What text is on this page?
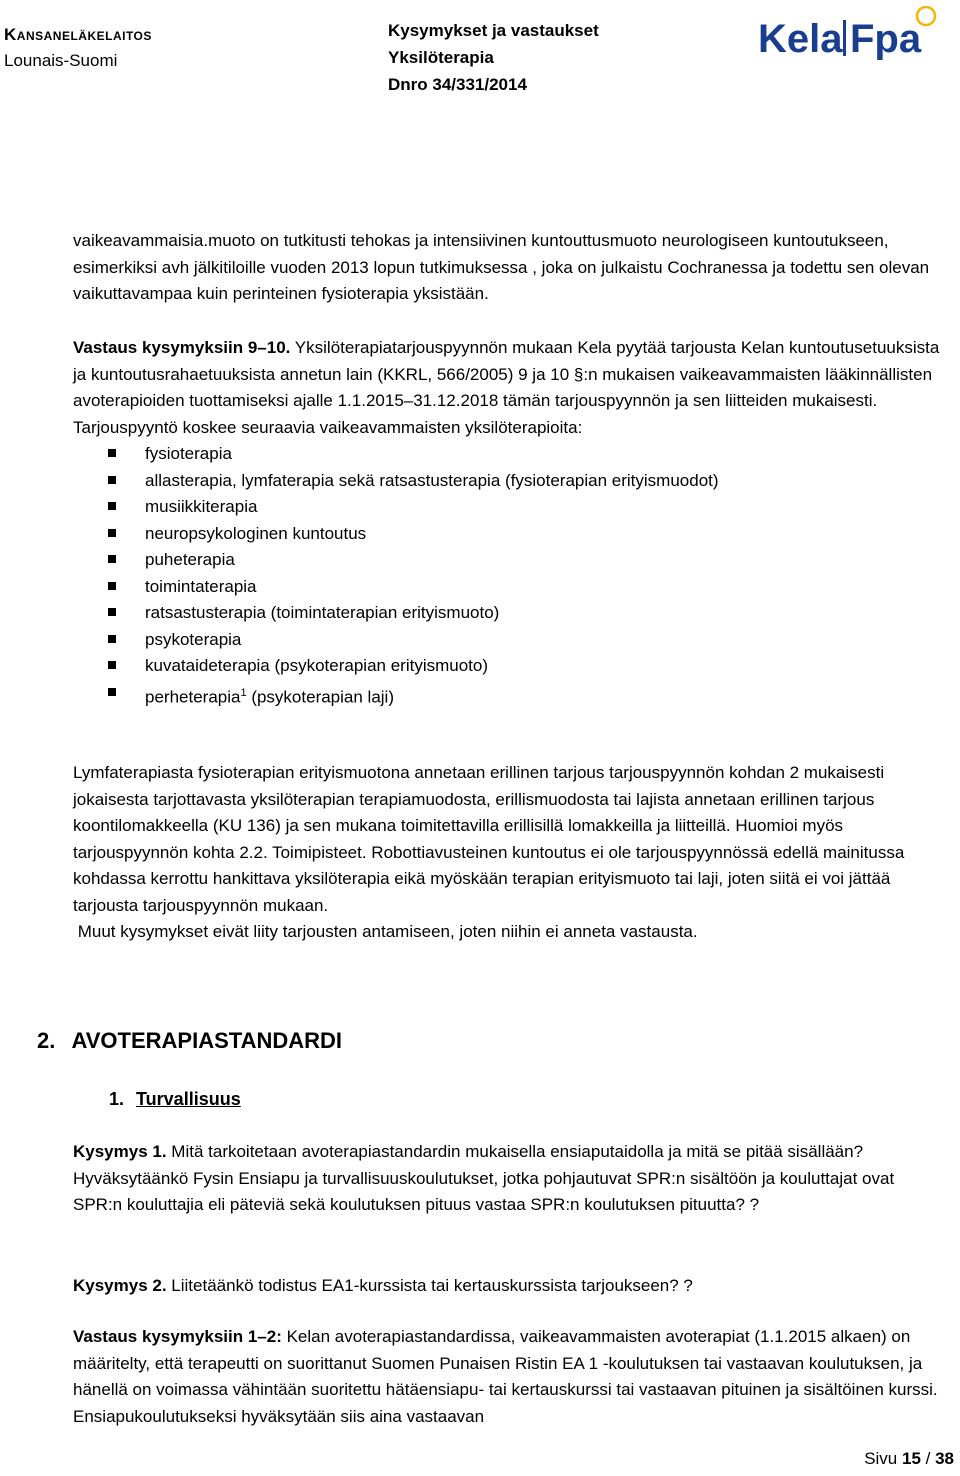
Kansaneläkelaitos
Lounais-Suomi
Kysymykset ja vastaukset
Yksilöterapia
Dnro 34/331/2014
Kela Fpa

vaikeavammaisia.muoto on tutkitusti tehokas ja intensiivinen kuntouttusmuoto neurologiseen kuntoutukseen, esimerkiksi avh jälkitiloille vuoden 2013 lopun tutkimuksessa , joka on julkaistu Cochranessa ja todettu sen olevan vaikuttavampaa kuin perinteinen fysioterapia yksistään.

Vastaus kysymyksiin 9–10. Yksilöterapiatarjouspyynnön mukaan Kela pyytää tarjousta Kelan kuntoutusetuuksista ja kuntoutusrahaetuuksista annetun lain (KKRL, 566/2005) 9 ja 10 §:n mukaisen vaikeavammaisten lääkinnällisten avoterapioiden tuottamiseksi ajalle 1.1.2015–31.12.2018 tämän tarjouspyynnön ja sen liitteiden mukaisesti.

Tarjouspyyntö koskee seuraavia vaikeavammaisten yksilöterapioita:

fysioterapia
allasterapia, lymfaterapia sekä ratsastusterapia (fysioterapian erityismuodot)
musiikkiterapia
neuropsykologinen kuntoutus
puheterapia
toimintaterapia
ratsastusterapia (toimintaterapian erityismuoto)
psykoterapia
kuvataideterapia (psykoterapian erityismuoto)
perheterapia$^1$ (psykoterapian laji)

Lymfaterapiasta fysioterapian erityismuotona annetaan erillinen tarjous tarjouspyynnön kohdan 2 mukaisesti jokaisesta tarjottavasta yksilöterapian terapiamuodosta, erillismuodosta tai lajista annetaan erillinen tarjous koontilomakkeella (KU 136) ja sen mukana toimitettavilla erillisillä lomakkeilla ja liitteillä. Huomioi myös tarjouspyynnön kohta 2.2. Toimipisteet. Robottiavusteinen kuntoutus ei ole tarjouspyynnössä edellä mainitussa kohdassa kerrottu hankittava yksilöterapia eikä myöskään terapian erityismuoto tai laji, joten siitä ei voi jättää tarjousta tarjouspyynnön mukaan.

Muut kysymykset eivät liity tarjousten antamiseen, joten niihin ei anneta vastausta.

2. AVOTERAPIASTANDARDI
1. Turvallisuus

Kysymys 1. Mitä tarkoitetaan avoterapiastandardin mukaisella ensiaputaidolla ja mitä se pitää sisällään? Hyväksytäänkö Fysin Ensiapu ja turvallisuuskoulutukset, jotka pohjautuvat SPR:n sisältöön ja kouluttajat ovat SPR:n kouluttajia eli päteviä sekä koulutuksen pituus vastaa SPR:n koulutuksen pituutta? ?

Kysymys 2. Liitetäänkö todistus EA1-kurssista tai kertauskurssista tarjoukseen? ?

Vastaus kysymyksiin 1–2: Kelan avoterapiastandardissa, vaikeavammaisten avoterapiat (1.1.2015 alkaen) on määritelty, että terapeutti on suorittanut Suomen Punaisen Ristin EA 1 -koulutuksen tai vastaavan koulutuksen, ja hänellä on voimassa vähintään suoritettu hätäensiapu- tai kertauskurssi tai vastaavan pituinen ja sisältöinen kurssi. Ensiapukoulutukseksi hyväksytään siis aina vastaavan

Sivu 15 / 38
